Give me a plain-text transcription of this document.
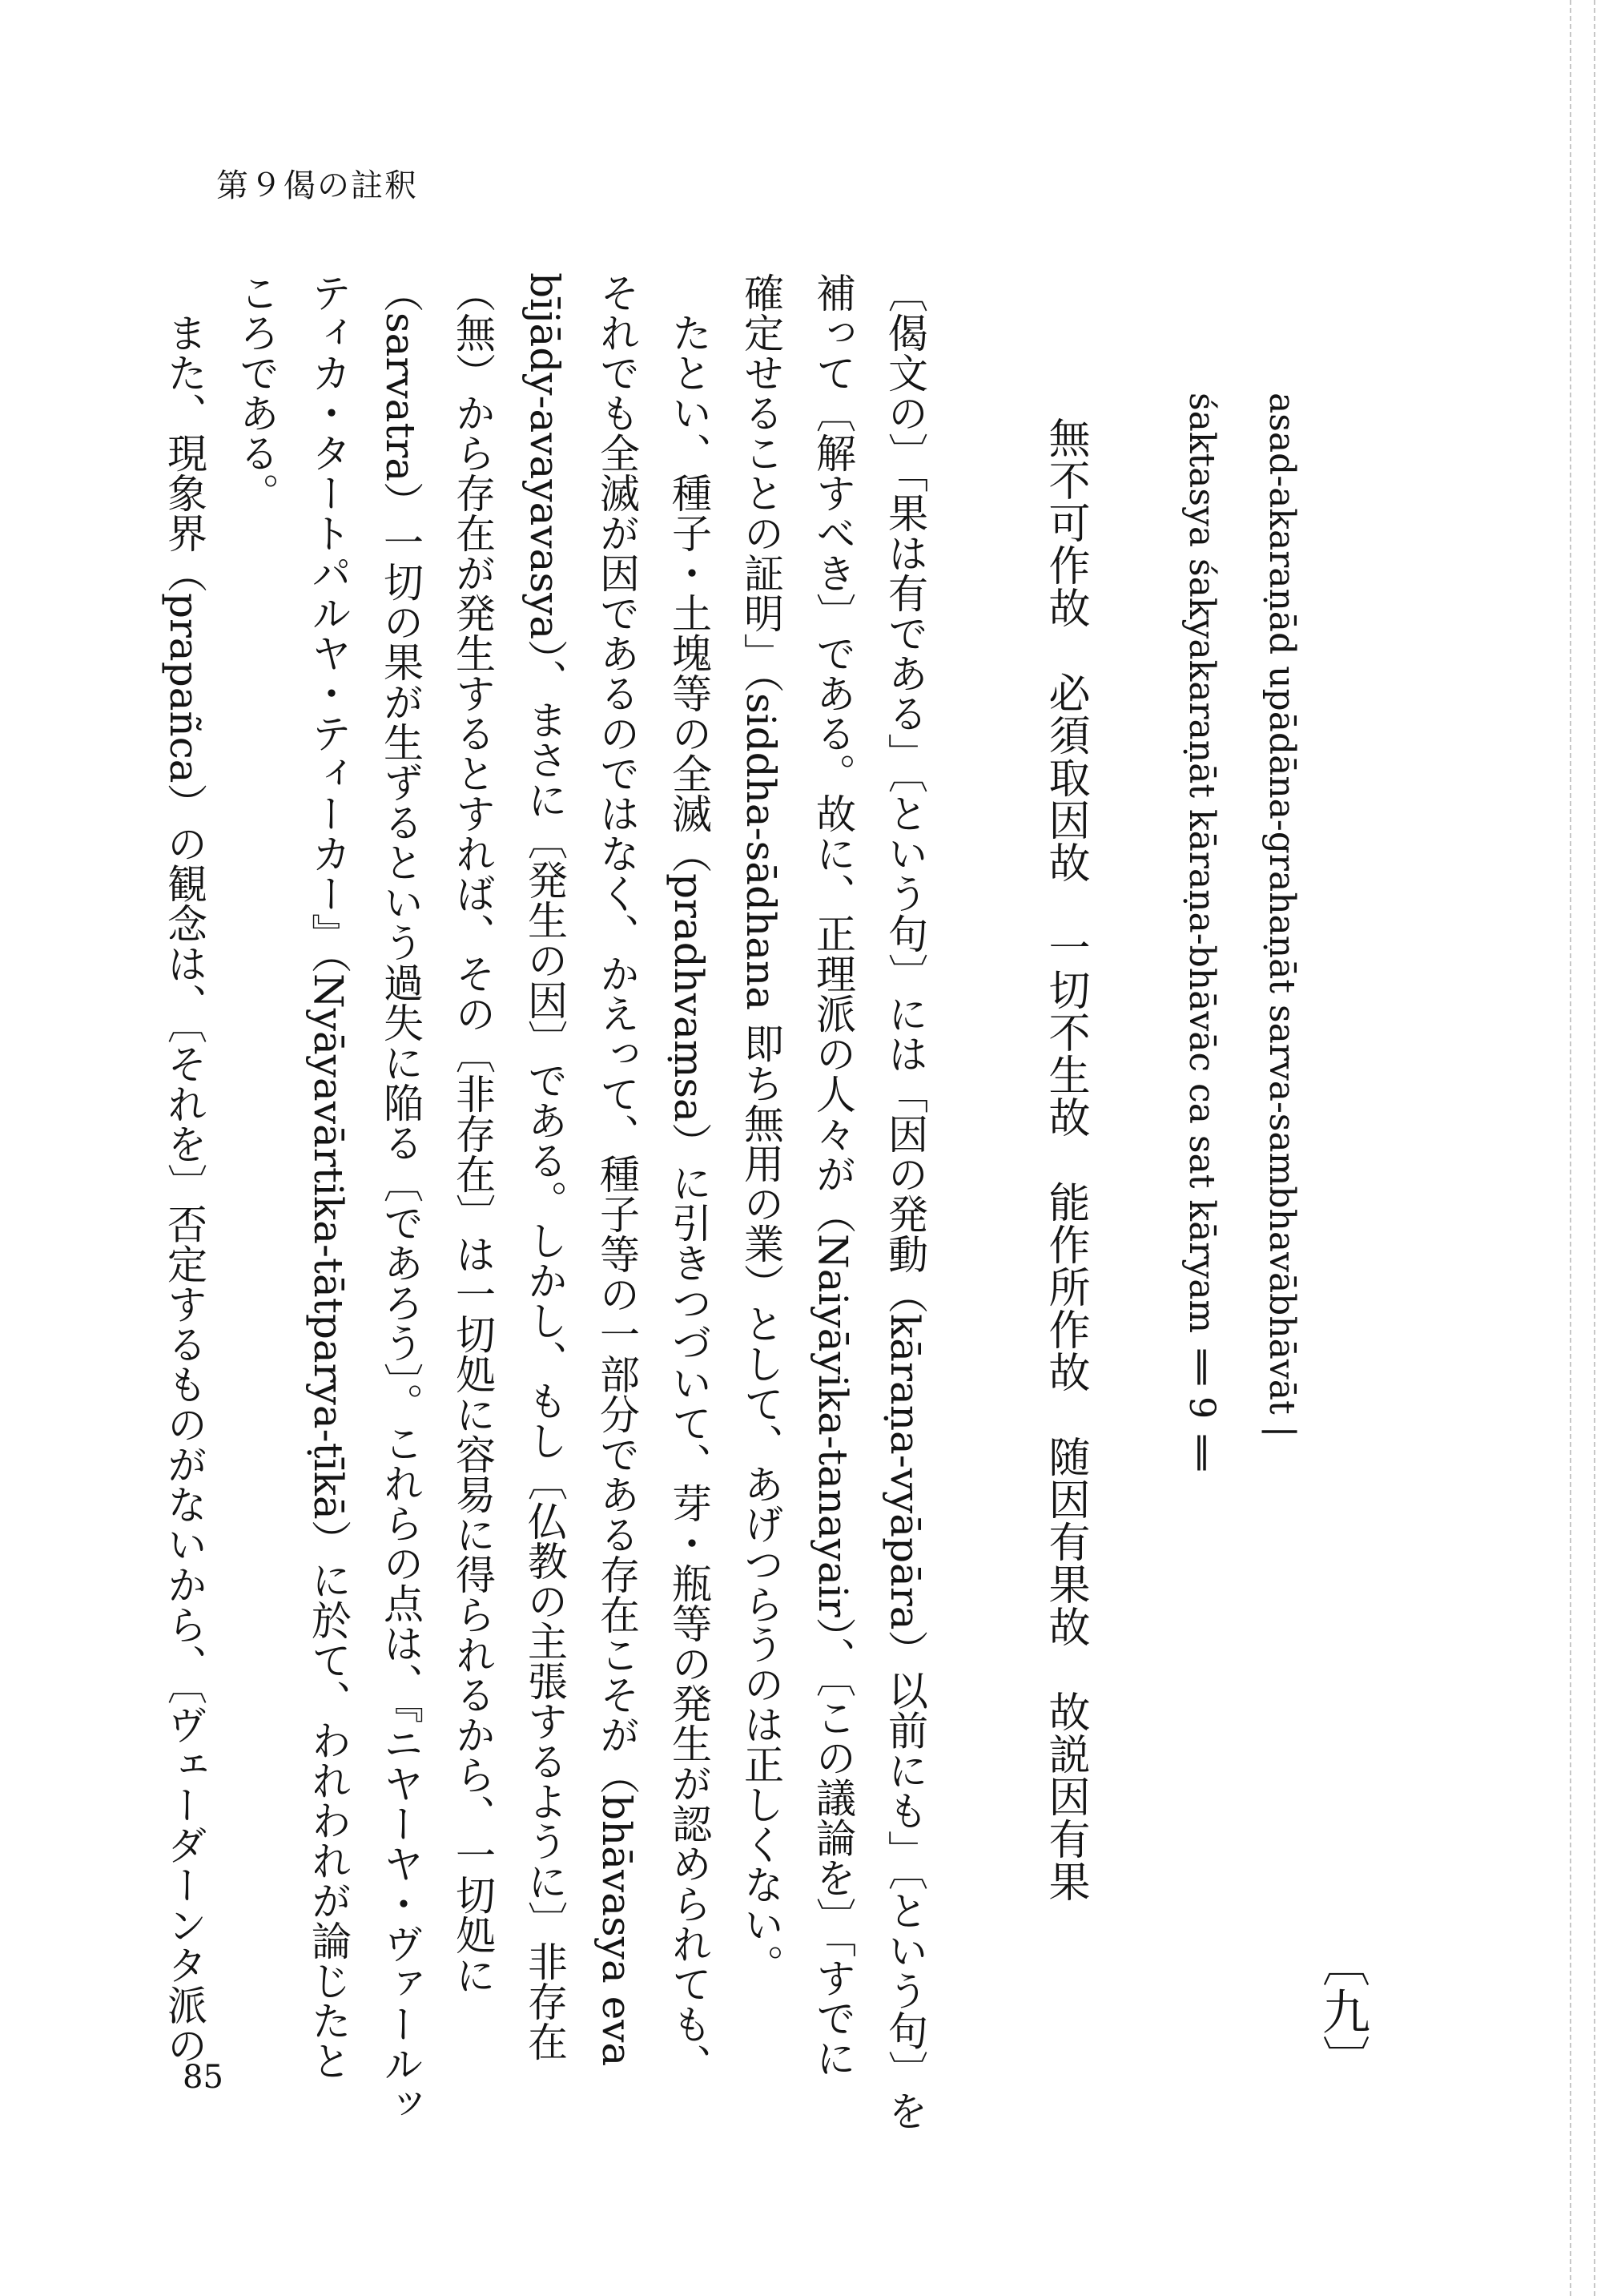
第９偈の註釈
〔九〕
asad-akaraṇād upādāna-grahaṇāt sarva-sambhavābhāvāt |
śaktasya śakyakaraṇāt kāraṇa-bhāvāc ca sat kāryam ‖ 9 ‖
無不可作故　必須取因故　一切不生故　能作所作故　随因有果故　故説因有果
〔偈文の〕「果は有である」〔という句〕には「因の発動（kāraṇa-vyāpāra）以前にも」〔という句〕を
補って〔解すべき〕である。故に、正理派の人々が（Naiyāyika-tanayair）、〔この議論を〕「すでに
確定せることの証明」（siddha-sādhana 即ち無用の業）として、あげつらうのは正しくない。
　たとい、種子・土塊等の全滅（pradhvaṃsa）に引きつづいて、芽・瓶等の発生が認められても、
それでも全滅が因であるのではなく、かえって、種子等の一部分である存在こそが（bhāvasya eva
bījādy-avayavasya）、まさに〔発生の因〕である。しかし、もし〔仏教の主張するように〕非存在
（無）から存在が発生するとすれば、その〔非存在〕は一切処に容易に得られるから、一切処に
（sarvatra）一切の果が生ずるという過失に陥る〔であろう〕。これらの点は、『ニヤーヤ・ヴァールッ
ティカ・タートパルヤ・ティーカー』（Nyāyavārtika-tātparya-ṭīkā）に於て、われわれが論じたと
ころである。
　また、現象界（prapañca）の観念は、〔それを〕否定するものがないから、〔ヴェーダーンタ派の
85
